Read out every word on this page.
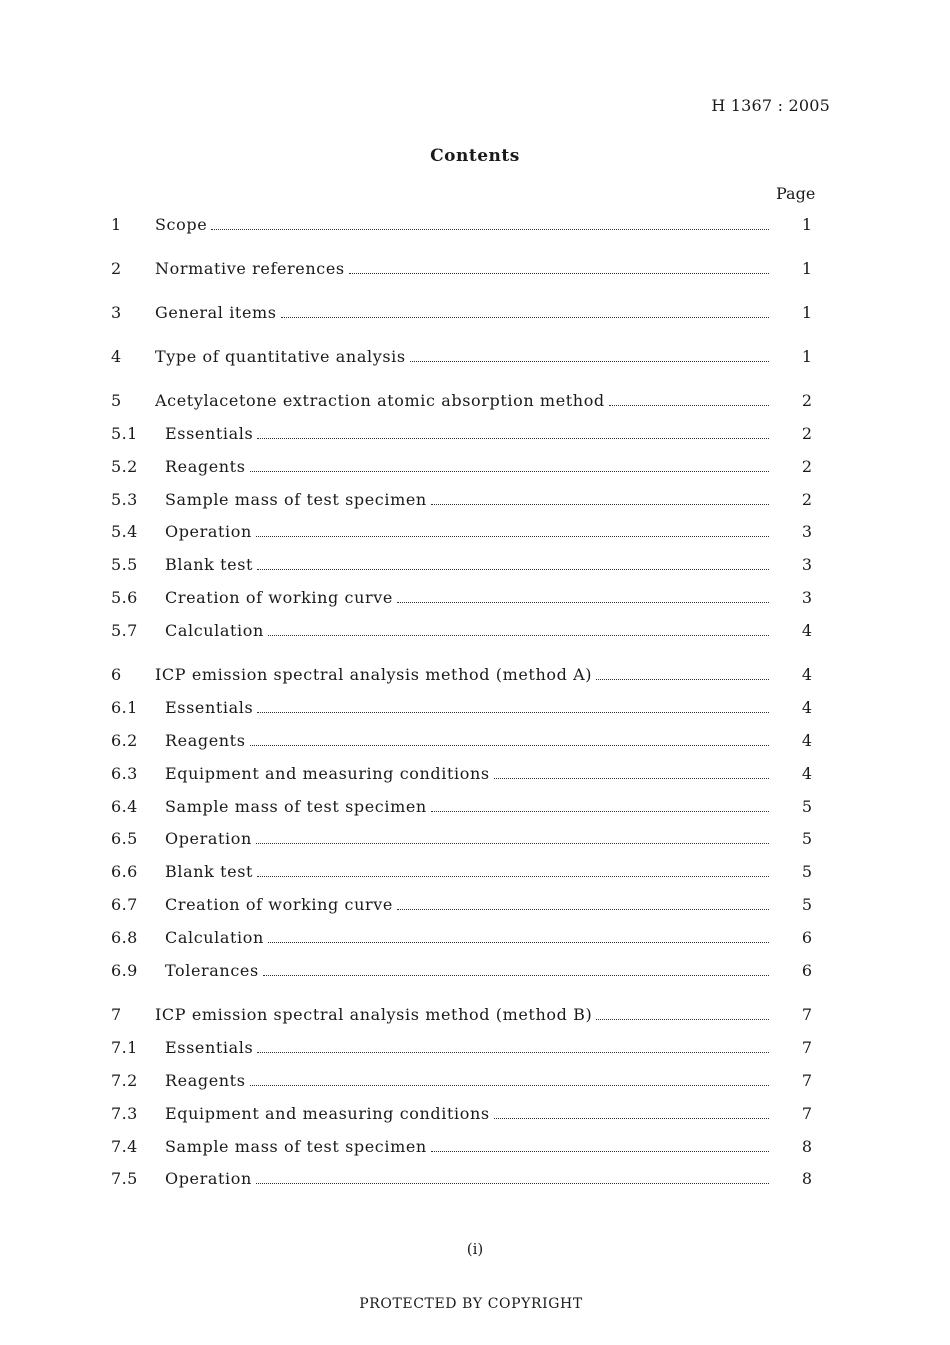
H 1367 : 2005
Contents
Page
1 Scope	1
2 Normative references	1
3 General items	1
4 Type of quantitative analysis	1
5 Acetylacetone extraction atomic absorption method	2
5.1 Essentials	2
5.2 Reagents	2
5.3 Sample mass of test specimen	2
5.4 Operation	3
5.5 Blank test	3
5.6 Creation of working curve	3
5.7 Calculation	4
6 ICP emission spectral analysis method (method A)	4
6.1 Essentials	4
6.2 Reagents	4
6.3 Equipment and measuring conditions	4
6.4 Sample mass of test specimen	5
6.5 Operation	5
6.6 Blank test	5
6.7 Creation of working curve	5
6.8 Calculation	6
6.9 Tolerances	6
7 ICP emission spectral analysis method (method B)	7
7.1 Essentials	7
7.2 Reagents	7
7.3 Equipment and measuring conditions	7
7.4 Sample mass of test specimen	8
7.5 Operation	8
(i)
PROTECTED BY COPYRIGHT
